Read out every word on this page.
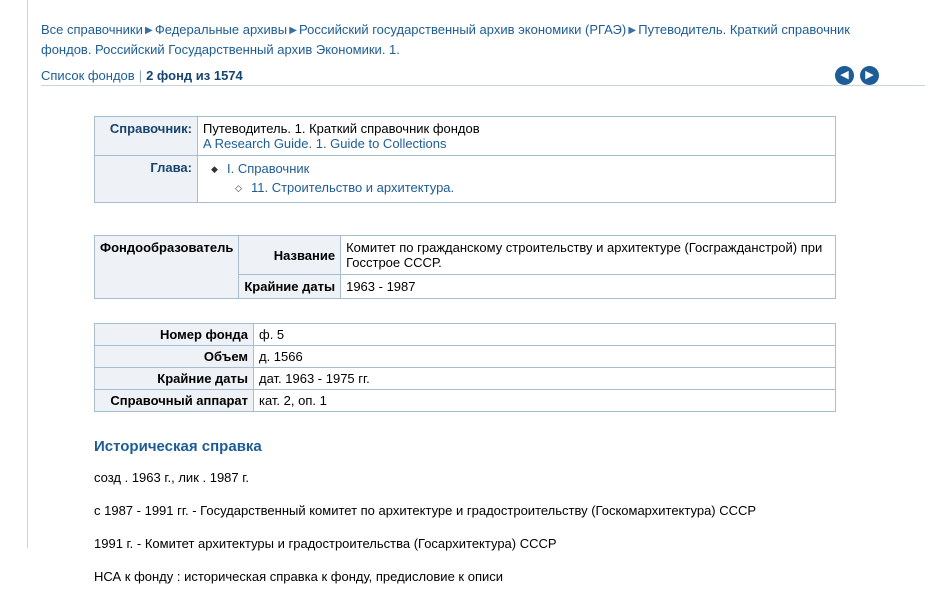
Все справочники ▶ Федеральные архивы ▶ Российский государственный архив экономики (РГАЭ) ▶ Путеводитель. Краткий справочник фондов. Российский Государственный архив Экономики. 1.
Список фондов | 2 фонд из 1574	◀ ▶
Справочник:	Путеводитель. 1. Краткий справочник фондов
A Research Guide. 1. Guide to Collections

Глава:	
◆I. Справочник
◇ 11. Строительство и архитектура.
Фондообразователь	Название	Комитет по гражданскому строительству и архитектуре (Госгражданстрой) при Госстрое СССР.
	Крайние даты	1963 - 1987
Номер фонда	ф. 5
Объем	д. 1566
Крайние даты	дат. 1963 - 1975 гг.
Справочный аппарат	кат. 2, оп. 1
Историческая справка

созд . 1963 г., лик . 1987 г.

с 1987 - 1991 гг. - Государственный комитет по архитектуре и градостроительству (Госкомархитектура) СССР

1991 г. - Комитет архитектуры и градостроительства (Госархитектура) СССР

НСА к фонду : историческая справка к фонду, предисловие к описи
